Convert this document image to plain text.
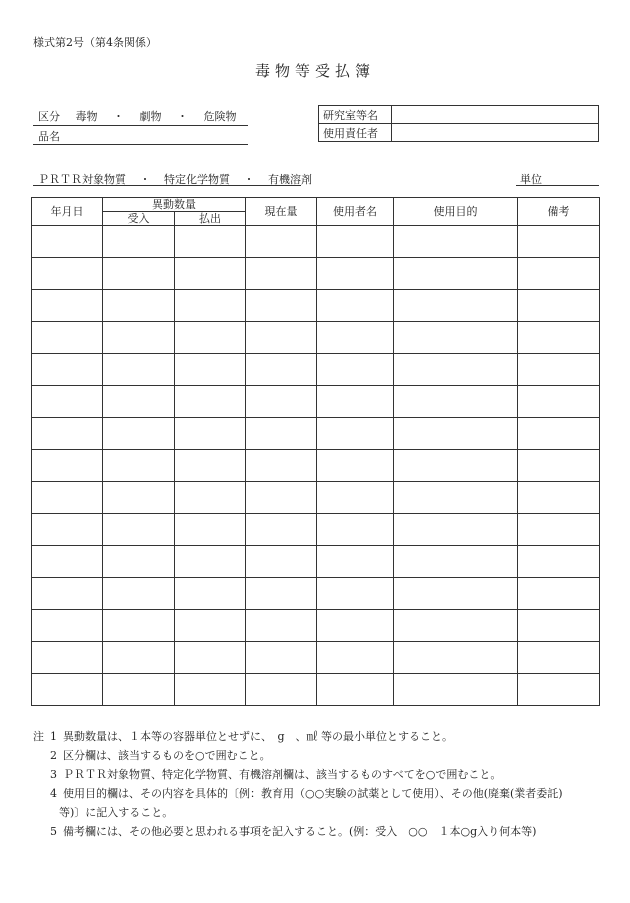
様式第2号（第4条関係）
毒物等受払簿
区分 毒物 ・ 劇物 ・ 危険物
品名
研究室等名	
使用責任者	
ＰＲＴＲ対象物質 ・ 特定化学物質 ・ 有機溶剤	単位
年月日	異動数量		現在量	使用者名	使用目的	備考
	受入	払出				

注 1 異動数量は、１本等の容器単位とせずに、　g　、㎖ 等の最小単位とすること。
2 区分欄は、該当するものを○で囲むこと。
3 ＰＲＴＲ対象物質、特定化学物質、有機溶剤欄は、該当するものすべてを○で囲むこと。
4 使用目的欄は、その内容を具体的〔例：教育用（○○実験の試薬として使用）、その他(廃棄(業者委託)
等)〕に記入すること。
5 備考欄には、その他必要と思われる事項を記入すること。(例：受入　○○　１本○g入り何本等)
